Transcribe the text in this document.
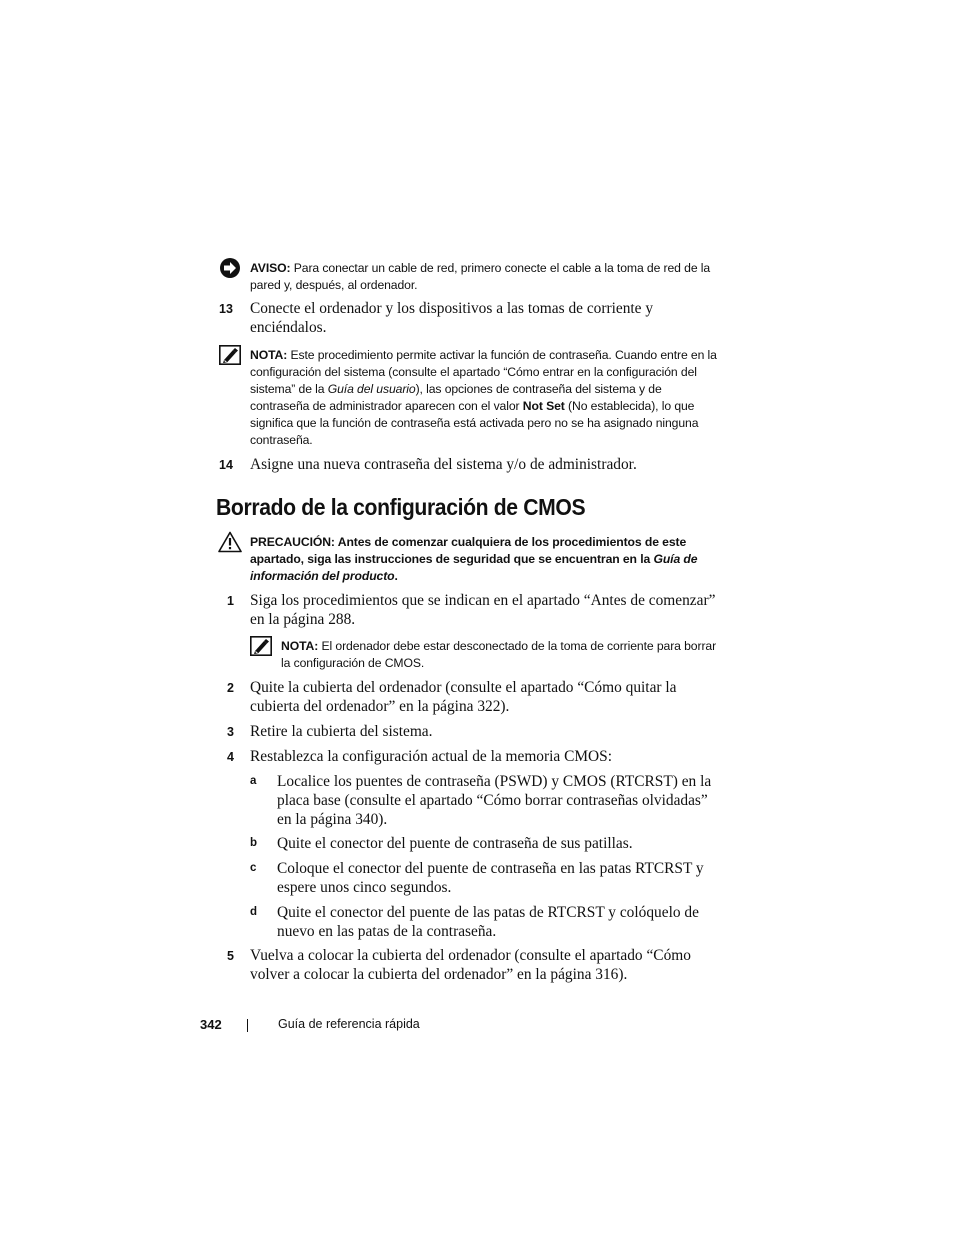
AVISO: Para conectar un cable de red, primero conecte el cable a la toma de red de la pared y, después, al ordenador.
13 Conecte el ordenador y los dispositivos a las tomas de corriente y enciéndalos.
NOTA: Este procedimiento permite activar la función de contraseña. Cuando entre en la configuración del sistema (consulte el apartado “Cómo entrar en la configuración del sistema” de la Guía del usuario), las opciones de contraseña del sistema y de contraseña de administrador aparecen con el valor Not Set (No establecida), lo que significa que la función de contraseña está activada pero no se ha asignado ninguna contraseña.
14 Asigne una nueva contraseña del sistema y/o de administrador.
Borrado de la configuración de CMOS
PRECAUCIÓN: Antes de comenzar cualquiera de los procedimientos de este apartado, siga las instrucciones de seguridad que se encuentran en la Guía de información del producto.
1 Siga los procedimientos que se indican en el apartado “Antes de comenzar” en la página 288.
NOTA: El ordenador debe estar desconectado de la toma de corriente para borrar la configuración de CMOS.
2 Quite la cubierta del ordenador (consulte el apartado “Cómo quitar la cubierta del ordenador” en la página 322).
3 Retire la cubierta del sistema.
4 Restablezca la configuración actual de la memoria CMOS:
a Localice los puentes de contraseña (PSWD) y CMOS (RTCRST) en la placa base (consulte el apartado “Cómo borrar contraseñas olvidadas” en la página 340).
b Quite el conector del puente de contraseña de sus patillas.
c Coloque el conector del puente de contraseña en las patas RTCRST y espere unos cinco segundos.
d Quite el conector del puente de las patas de RTCRST y colóquelo de nuevo en las patas de la contraseña.
5 Vuelva a colocar la cubierta del ordenador (consulte el apartado “Cómo volver a colocar la cubierta del ordenador” en la página 316).
342	Guía de referencia rápida
